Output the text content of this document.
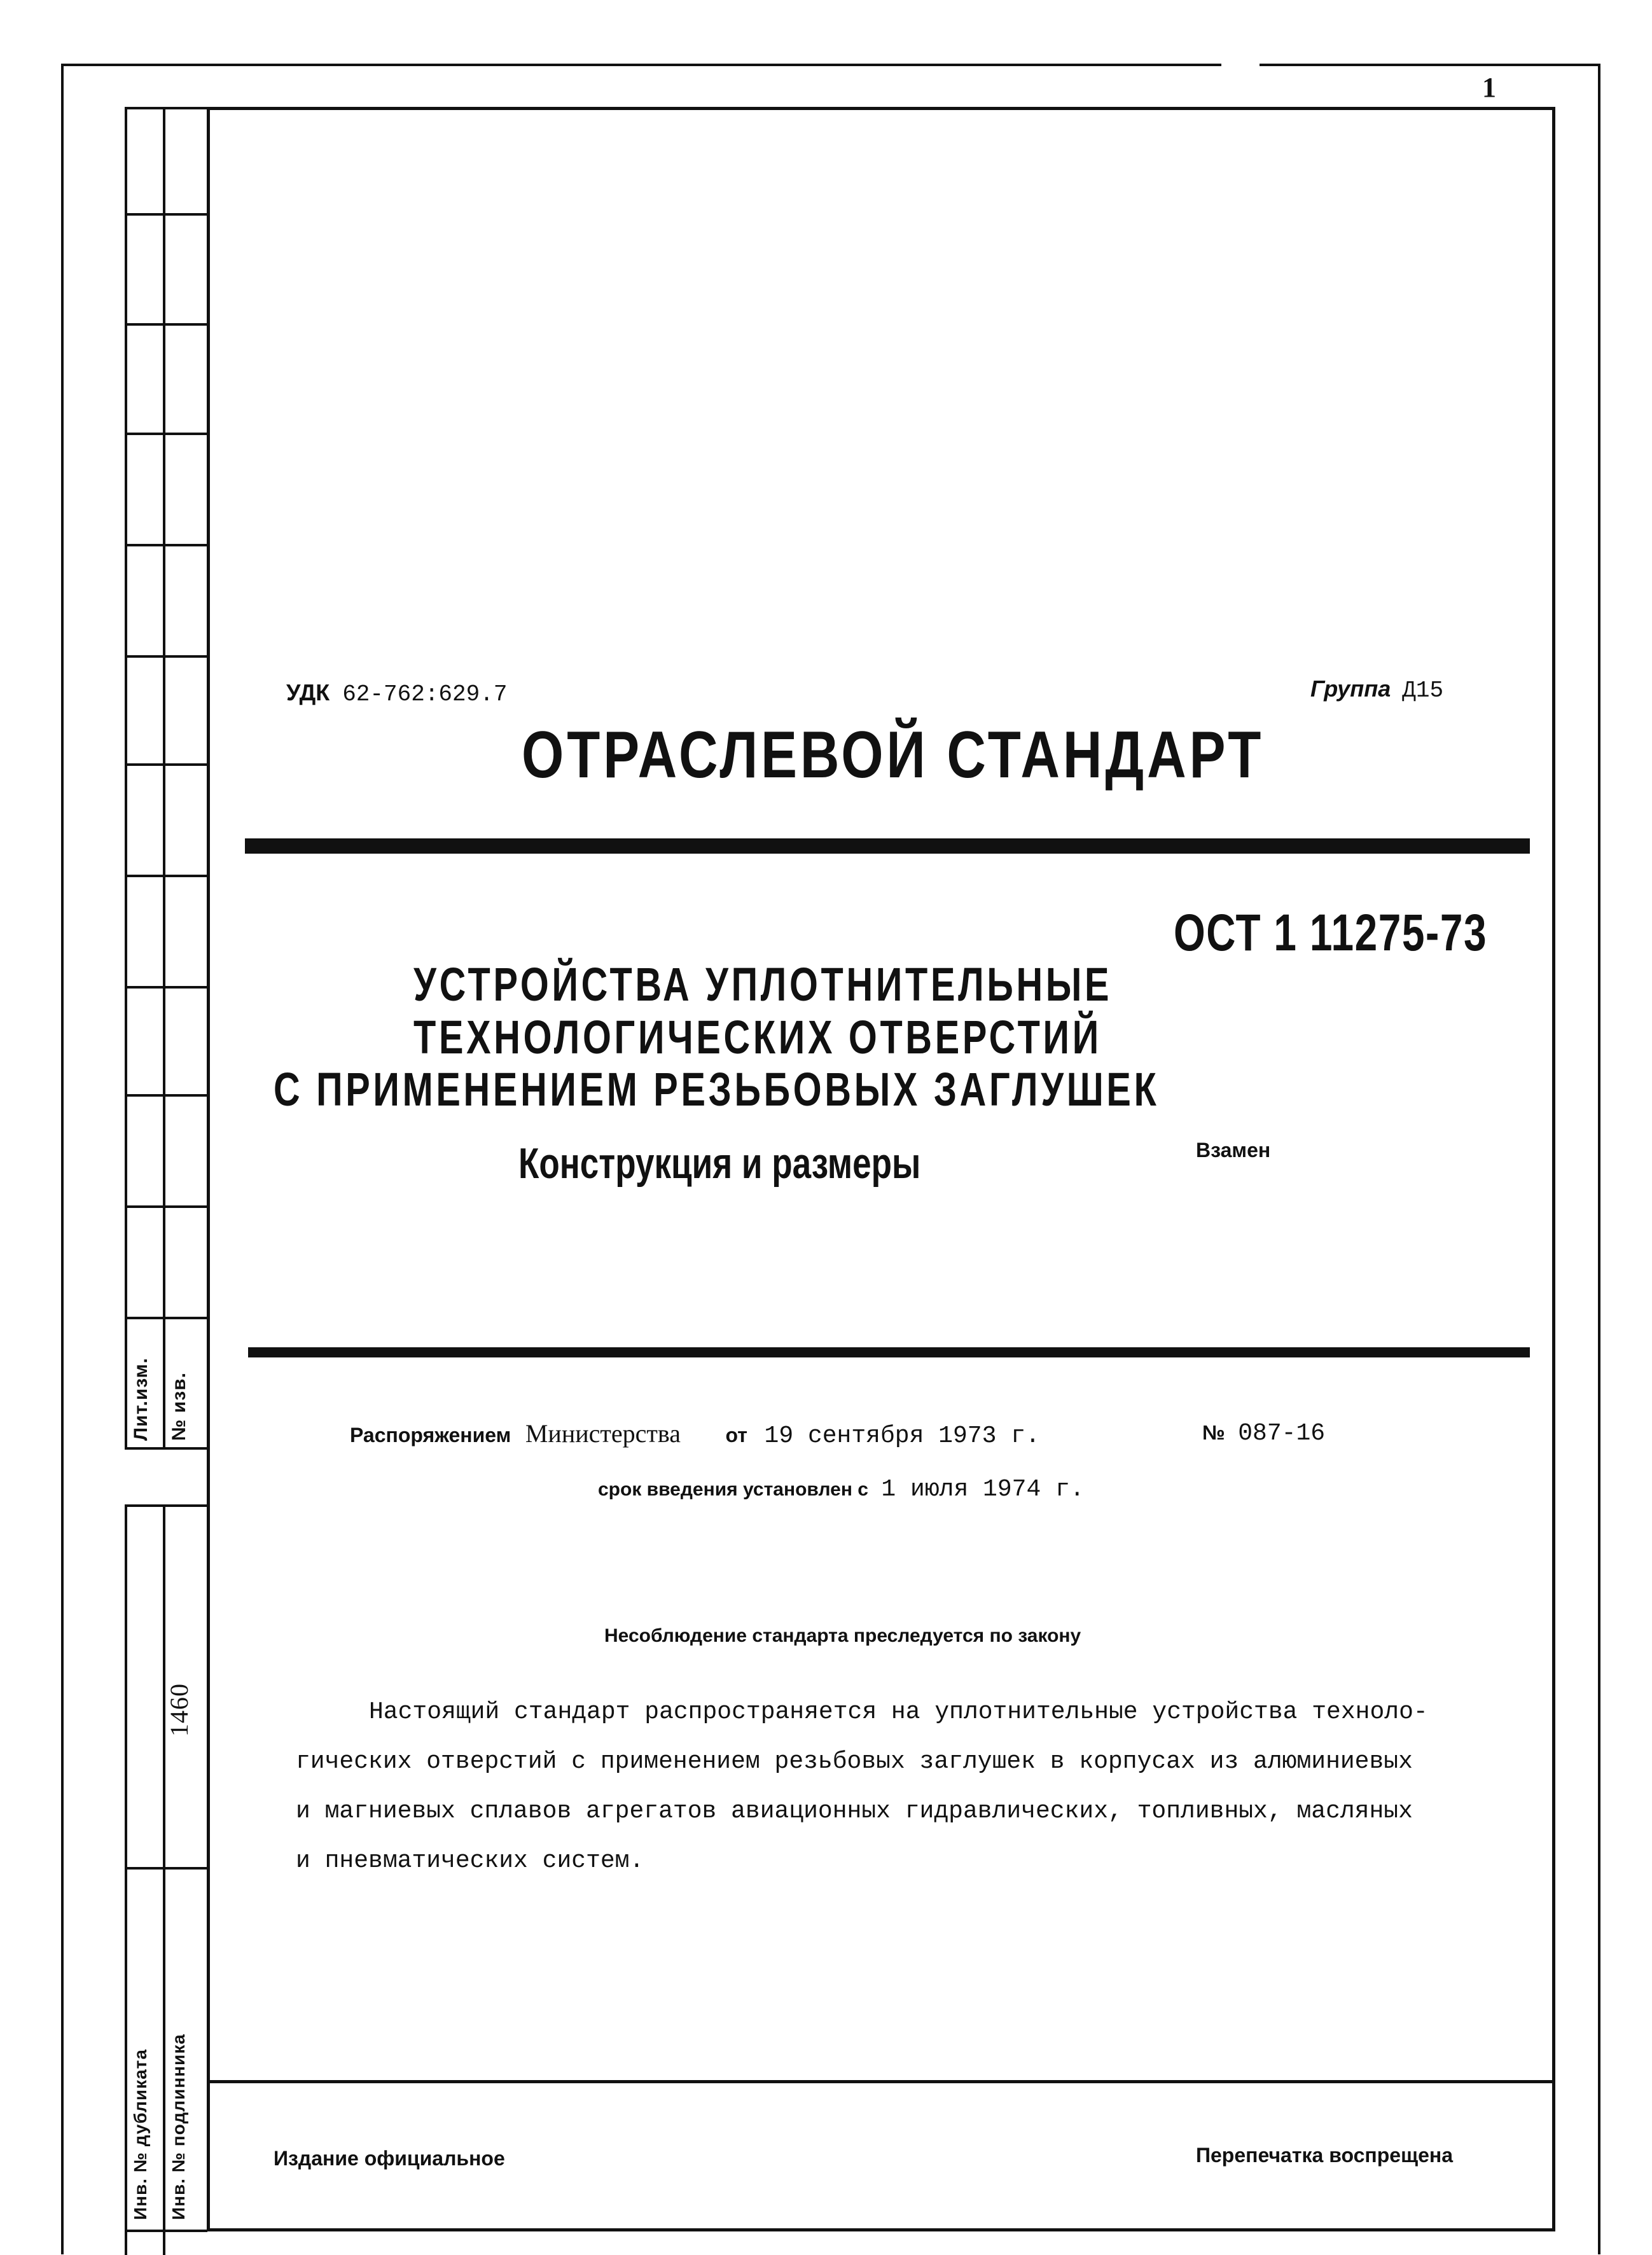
1
Лит.изм. № изв.
1460
Инв. № дубликата Инв. № подлинника
УДК 62-762:629.7	Группа Д15
ОТРАСЛЕВОЙ СТАНДАРТ
ОСТ 1 11275-73
УСТРОЙСТВА УПЛОТНИТЕЛЬНЫЕ
ТЕХНОЛОГИЧЕСКИХ ОТВЕРСТИЙ
С ПРИМЕНЕНИЕМ РЕЗЬБОВЫХ ЗАГЛУШЕК
Конструкция и размеры	Взамен
Распоряжением Министерства от 19 сентября 1973 г.	№ 087-16
срок введения установлен с 1 июля 1974 г.
Несоблюдение стандарта преследуется по закону
Настоящий стандарт распространяется на уплотнительные устройства техноло-
гических отверстий с применением резьбовых заглушек в корпусах из алюминиевых
и магниевых сплавов агрегатов авиационных гидравлических, топливных, масляных
и пневматических систем.
Издание официальное	Перепечатка воспрещена
